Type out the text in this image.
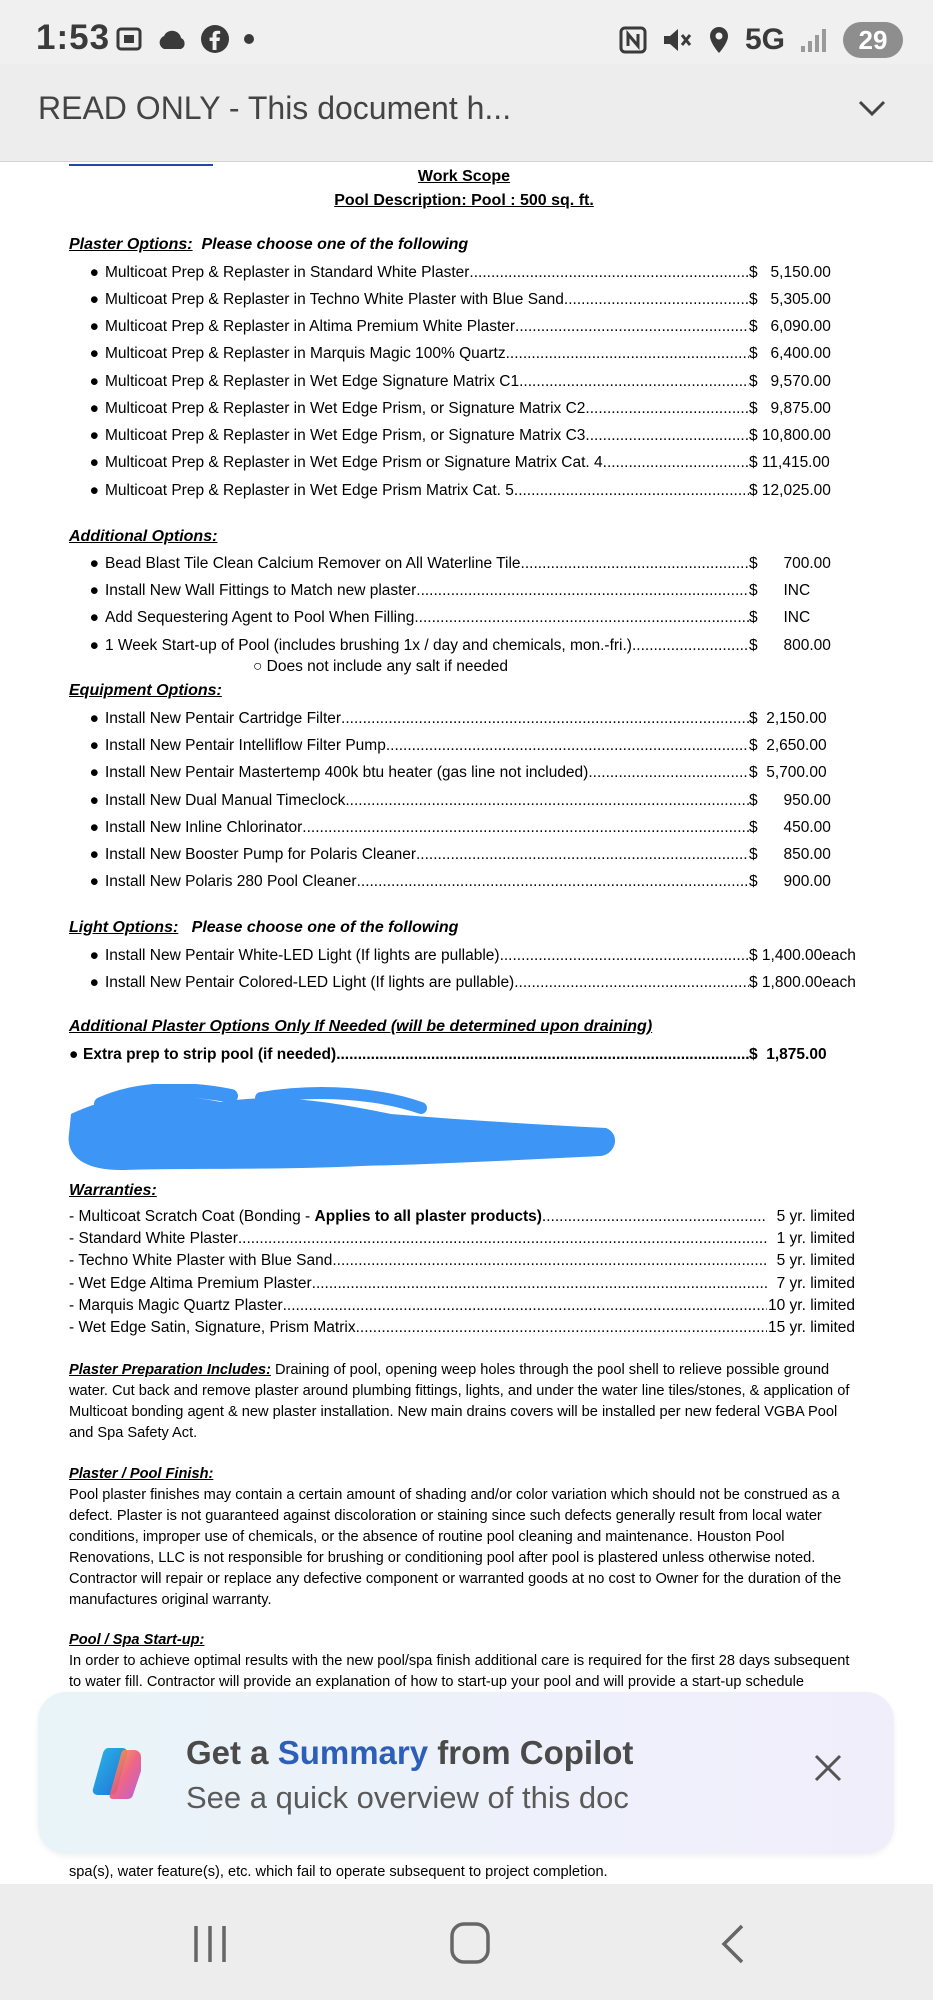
1:53	5G	29
READ ONLY - This document h...
Work Scope
Pool Description: Pool : 500 sq. ft.
Plaster Options: Please choose one of the following
● Multicoat Prep & Replaster in Standard White Plaster .....	$   5,150.00
● Multicoat Prep & Replaster in Techno White Plaster with Blue Sand .....	$   5,305.00
● Multicoat Prep & Replaster in Altima Premium White Plaster .....	$   6,090.00
● Multicoat Prep & Replaster in Marquis Magic 100% Quartz .....	$   6,400.00
● Multicoat Prep & Replaster in Wet Edge Signature Matrix C1 .....	$   9,570.00
● Multicoat Prep & Replaster in Wet Edge Prism, or Signature Matrix C2 .....	$   9,875.00
● Multicoat Prep & Replaster in Wet Edge Prism, or Signature Matrix C3 .....	$ 10,800.00
● Multicoat Prep & Replaster in Wet Edge Prism or Signature Matrix Cat. 4 .....	$ 11,415.00
● Multicoat Prep & Replaster in Wet Edge Prism Matrix Cat. 5 .....	$ 12,025.00
Additional Options:
● Bead Blast Tile Clean Calcium Remover on All Waterline Tile .....	$      700.00
● Install New Wall Fittings to Match new plaster .....	$      INC
● Add Sequestering Agent to Pool When Filling .....	$      INC
● 1 Week Start-up of Pool (includes brushing 1x / day and chemicals, mon.-fri.) .....	$      800.00
○ Does not include any salt if needed
Equipment Options:
● Install New Pentair Cartridge Filter .....	$  2,150.00
● Install New Pentair Intelliflow Filter Pump .....	$  2,650.00
● Install New Pentair Mastertemp 400k btu heater (gas line not included) .....	$  5,700.00
● Install New Dual Manual Timeclock .....	$      950.00
● Install New Inline Chlorinator .....	$      450.00
● Install New Booster Pump for Polaris Cleaner .....	$      850.00
● Install New Polaris 280 Pool Cleaner .....	$      900.00
Light Options: Please choose one of the following
● Install New Pentair White-LED Light (If lights are pullable) .....	$ 1,400.00each
● Install New Pentair Colored-LED Light (If lights are pullable) .....	$ 1,800.00each
Additional Plaster Options Only If Needed (will be determined upon draining)
● Extra prep to strip pool (if needed) .....	$  1,875.00
Warranties:
- Multicoat Scratch Coat (Bonding - Applies to all plaster products) .....	5 yr. limited
- Standard White Plaster .....	1 yr. limited
- Techno White Plaster with Blue Sand .....	5 yr. limited
- Wet Edge Altima Premium Plaster .....	7 yr. limited
- Marquis Magic Quartz Plaster .....	10 yr. limited
- Wet Edge Satin, Signature, Prism Matrix .....	15 yr. limited
Plaster Preparation Includes: Draining of pool, opening weep holes through the pool shell to relieve possible ground water. Cut back and remove plaster around plumbing fittings, lights, and under the water line tiles/stones, & application of Multicoat bonding agent & new plaster installation. New main drains covers will be installed per new federal VGBA Pool and Spa Safety Act.
Plaster / Pool Finish:
Pool plaster finishes may contain a certain amount of shading and/or color variation which should not be construed as a defect. Plaster is not guaranteed against discoloration or staining since such defects generally result from local water conditions, improper use of chemicals, or the absence of routine pool cleaning and maintenance. Houston Pool Renovations, LLC is not responsible for brushing or conditioning pool after pool is plastered unless otherwise noted. Contractor will repair or replace any defective component or warranted goods at no cost to Owner for the duration of the manufactures original warranty.
Pool / Spa Start-up:
In order to achieve optimal results with the new pool/spa finish additional care is required for the first 28 days subsequent to water fill. Contractor will provide an explanation of how to start-up your pool and will provide a start-up schedule
spa(s), water feature(s), etc. which fail to operate subsequent to project completion.
Get a Summary from Copilot
See a quick overview of this doc
